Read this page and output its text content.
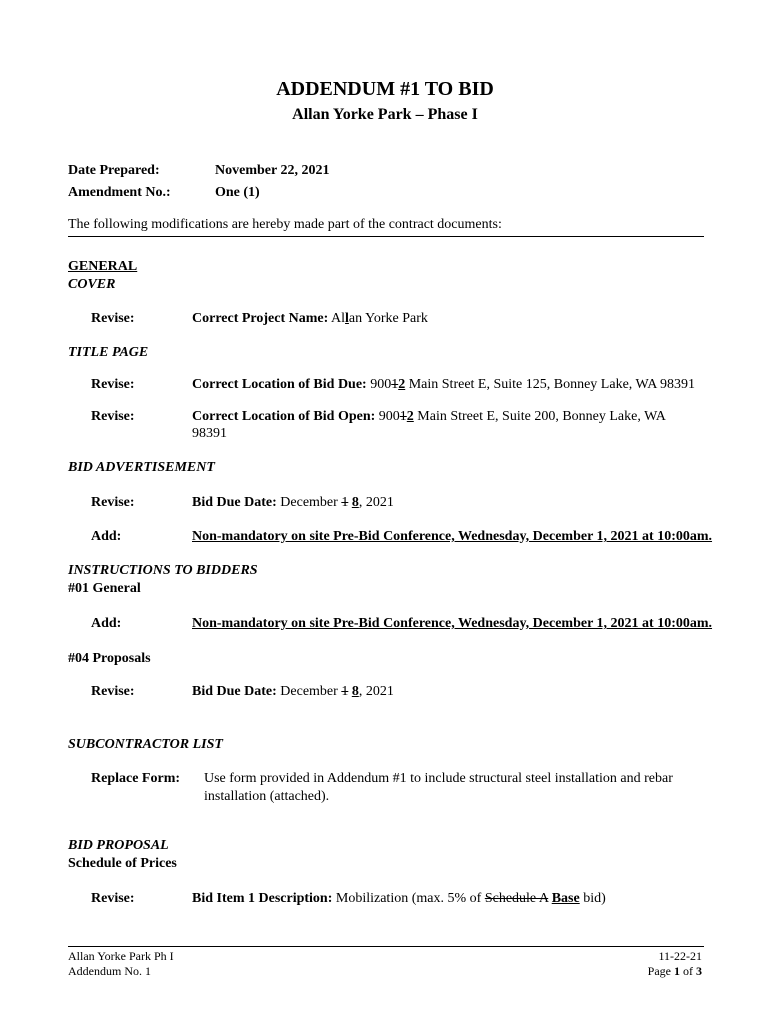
ADDENDUM #1 TO BID
Allan Yorke Park – Phase I
Date Prepared:	November 22, 2021
Amendment No.:	One (1)
The following modifications are hereby made part of the contract documents:
GENERAL
COVER
Revise:	Correct Project Name: Allan Yorke Park
TITLE PAGE
Revise:	Correct Location of Bid Due: 90012 Main Street E, Suite 125, Bonney Lake, WA 98391
Revise:	Correct Location of Bid Open: 90012 Main Street E, Suite 200, Bonney Lake, WA
98391
BID ADVERTISEMENT
Revise:	Bid Due Date: December 1 8, 2021
Add:	Non-mandatory on site Pre-Bid Conference, Wednesday, December 1, 2021 at 10:00am.
INSTRUCTIONS TO BIDDERS
#01 General
Add:	Non-mandatory on site Pre-Bid Conference, Wednesday, December 1, 2021 at 10:00am.
#04 Proposals
Revise:	Bid Due Date: December 1 8, 2021
SUBCONTRACTOR LIST
Replace Form: Use form provided in Addendum #1 to include structural steel installation and rebar
installation (attached).
BID PROPOSAL
Schedule of Prices
Revise:	Bid Item 1 Description: Mobilization (max. 5% of Schedule A Base bid)
Allan Yorke Park Ph I
Addendum No. 1
11-22-21
Page 1 of 3
